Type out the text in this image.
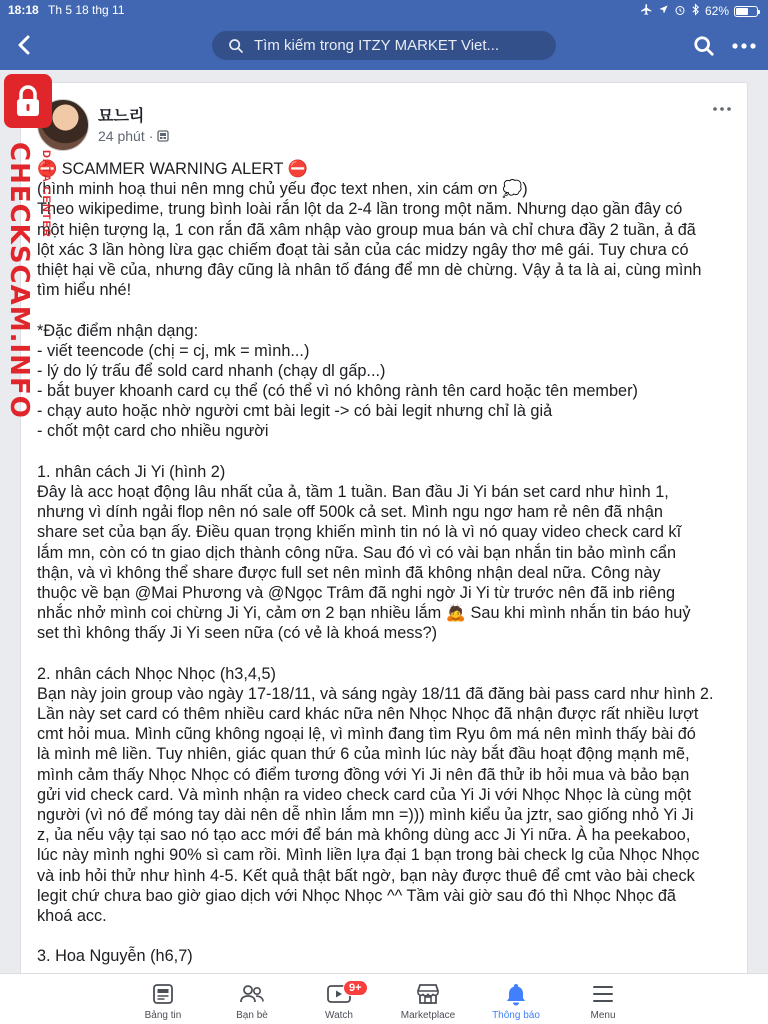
18:18 Th 5 18 thg 11	62%
Tìm kiếm trong ITZY MARKET Viet...
묘느리
24 phút ·
⛔ SCAMMER WARNING ALERT ⛔
(hình minh hoạ thui nên mng chủ yếu đọc text nhen, xin cám ơn 💭)
Theo wikipedime, trung bình loài rắn lột da 2-4 lần trong một năm. Nhưng dạo gần đây có
một hiện tượng lạ, 1 con rắn đã xâm nhập vào group mua bán và chỉ chưa đầy 2 tuần, ả đã
lột xác 3 lần hòng lừa gạc chiếm đoạt tài sản của các midzy ngây thơ mê gái. Tuy chưa có
thiệt hại về của, nhưng đây cũng là nhân tố đáng để mn dè chừng. Vậy ả ta là ai, cùng mình
tìm hiểu nhé!
*Đặc điểm nhận dạng:
- viết teencode (chị = cj, mk = mình...)
- lý do lý trấu để sold card nhanh (chạy dl gấp...)
- bắt buyer khoanh card cụ thể (có thể vì nó không rành tên card hoặc tên member)
- chạy auto hoặc nhờ người cmt bài legit -> có bài legit nhưng chỉ là giả
- chốt một card cho nhiều người
1. nhân cách Ji Yi (hình 2)
Đây là acc hoạt động lâu nhất của ả, tầm 1 tuần. Ban đầu Ji Yi bán set card như hình 1,
nhưng vì dính ngải flop nên nó sale off 500k cả set. Mình ngu ngơ ham rẻ nên đã nhận
share set của bạn ấy. Điều quan trọng khiến mình tin nó là vì nó quay video check card kĩ
lắm mn, còn có tn giao dịch thành công nữa. Sau đó vì có vài bạn nhắn tin bảo mình cẩn
thận, và vì không thể share được full set nên mình đã không nhận deal nữa. Công này
thuộc về bạn @Mai Phương và @Ngọc Trâm đã nghi ngờ Ji Yi từ trước nên đã inb riêng
nhắc nhở mình coi chừng Ji Yi, cảm ơn 2 bạn nhiều lắm 🙇 Sau khi mình nhắn tin báo huỷ
set thì không thấy Ji Yi seen nữa (có vẻ là khoá mess?)
2. nhân cách Nhọc Nhọc (h3,4,5)
Bạn này join group vào ngày 17-18/11, và sáng ngày 18/11 đã đăng bài pass card như hình 2.
Lần này set card có thêm nhiều card khác nữa nên Nhọc Nhọc đã nhận được rất nhiều lượt
cmt hỏi mua. Mình cũng không ngoại lệ, vì mình đang tìm Ryu ôm má nên mình thấy bài đó
là mình mê liền. Tuy nhiên, giác quan thứ 6 của mình lúc này bắt đầu hoạt động mạnh mẽ,
mình cảm thấy Nhọc Nhọc có điểm tương đồng với Yi Ji nên đã thử ib hỏi mua và bảo bạn
gửi vid check card. Và mình nhận ra video check card của Yi Ji với Nhọc Nhọc là cùng một
người (vì nó để móng tay dài nên dễ nhìn lắm mn =))) mình kiểu ủa jztr, sao giống nhỏ Yi Ji
z, ủa nếu vậy tại sao nó tạo acc mới để bán mà không dùng acc Ji Yi nữa. À ha peekaboo,
lúc này mình nghi 90% sì cam rồi. Mình liền lựa đại 1 bạn trong bài check lg của Nhọc Nhọc
và inb hỏi thử như hình 4-5. Kết quả thật bất ngờ, bạn này được thuê để cmt vào bài check
legit chứ chưa bao giờ giao dịch với Nhọc Nhọc ^^ Tầm vài giờ sau đó thì Nhọc Nhọc đã
khoá acc.
3. Hoa Nguyễn (h6,7)
CHECKSCAM.INFO DATA CENTER
Bảng tin	Bạn bè
9+
Watch	Marketplace	Thông báo	Menu
